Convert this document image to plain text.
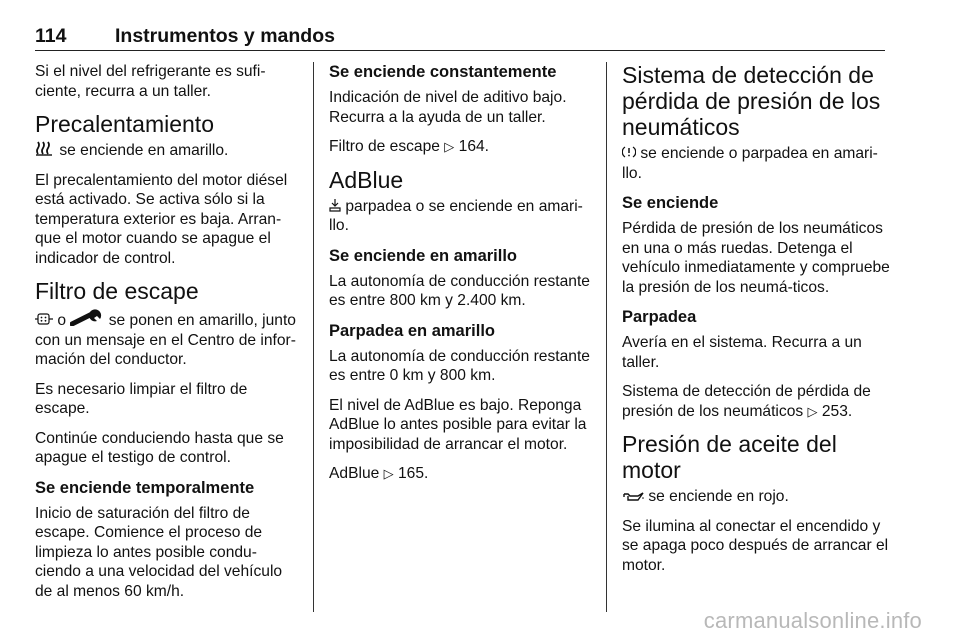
114 Instrumentos y mandos

Si el nivel del refrigerante es sufi-ciente, recurra a un taller.

Precalentamiento

se enciende en amarillo.

El precalentamiento del motor diésel está activado. Se activa sólo si la temperatura exterior es baja. Arran-que el motor cuando se apague el indicador de control.

Filtro de escape

o	se ponen en amarillo, junto con un mensaje en el Centro de infor-mación del conductor.

Es necesario limpiar el filtro de escape.

Continúe conduciendo hasta que se apague el testigo de control.

Se enciende temporalmente

Inicio de saturación del filtro de escape. Comience el proceso de limpieza lo antes posible condu-ciendo a una velocidad del vehículo de al menos 60 km/h.

Se enciende constantemente

Indicación de nivel de aditivo bajo. Recurra a la ayuda de un taller.

Filtro de escape ▷ 164.

AdBlue

parpadea o se enciende en amari-llo.

Se enciende en amarillo

La autonomía de conducción restante es entre 800 km y 2.400 km.

Parpadea en amarillo

La autonomía de conducción restante es entre 0 km y 800 km.

El nivel de AdBlue es bajo. Reponga AdBlue lo antes posible para evitar la imposibilidad de arrancar el motor.

AdBlue ▷ 165.

Sistema de detección de pérdida de presión de los neumáticos

se enciende o parpadea en amari-llo.

Se enciende

Pérdida de presión de los neumáticos en una o más ruedas. Detenga el vehículo inmediatamente y compruebe la presión de los neumá-ticos.

Parpadea

Avería en el sistema. Recurra a un taller.

Sistema de detección de pérdida de presión de los neumáticos ▷ 253.

Presión de aceite del motor

se enciende en rojo.

Se ilumina al conectar el encendido y se apaga poco después de arrancar el motor.

carmanualsonline.info
